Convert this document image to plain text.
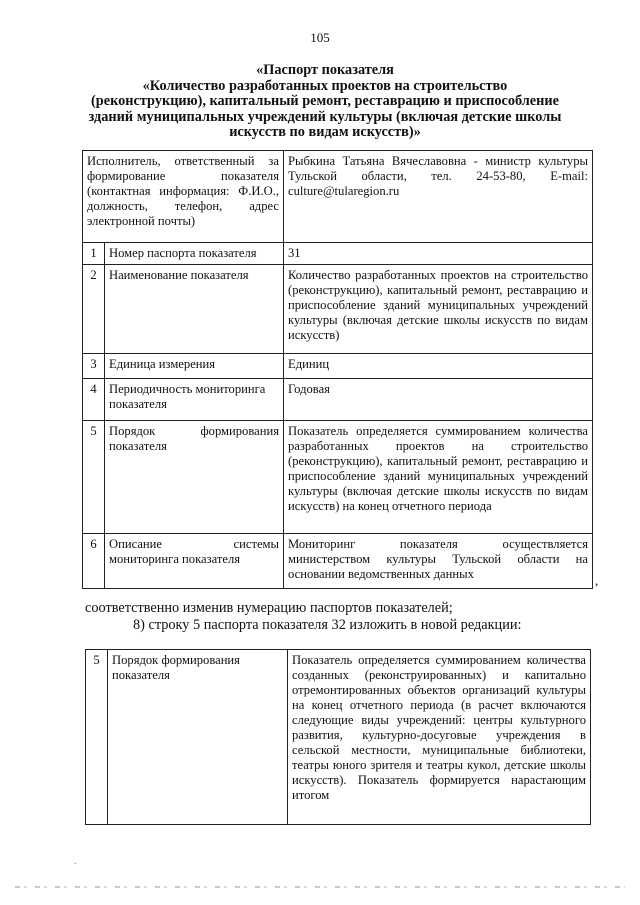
105
«Паспорт показателя
«Количество разработанных проектов на строительство
(реконструкцию), капитальный ремонт, реставрацию и приспособление
зданий муниципальных учреждений культуры (включая детские школы
искусств по видам искусств)»
Исполнитель, ответственный за формирование показателя (контактная информация: Ф.И.О., должность, телефон, адрес электронной почты)		Рыбкина Татьяна Вячеславовна - министр культуры Тульской области, тел. 24-53-80, E-mail: culture@tularegion.ru
1	Номер паспорта показателя	31
2	Наименование показателя	Количество разработанных проектов на строительство (реконструкцию), капитальный ремонт, реставрацию и приспособление зданий муниципальных учреждений культуры (включая детские школы искусств по видам искусств)
3	Единица измерения	Единиц
4	Периодичность мониторинга показателя	Годовая
5	Порядок формирования показателя	Показатель определяется суммированием количества разработанных проектов на строительство (реконструкцию), капитальный ремонт, реставрацию и приспособление зданий муниципальных учреждений культуры (включая детские школы искусств по видам искусств) на конец отчетного периода
6	Описание системы мониторинга показателя	Мониторинг показателя осуществляется министерством культуры Тульской области на основании ведомственных данных	,
соответственно изменив нумерацию паспортов показателей;
8) строку 5 паспорта показателя 32 изложить в новой редакции:
5	Порядок формирования показателя	Показатель определяется суммированием количества созданных (реконструированных) и капитально отремонтированных объектов организаций культуры на конец отчетного периода (в расчет включаются следующие виды учреждений: центры культурного развития, культурно-досуговые учреждения в сельской местности, муниципальные библиотеки, театры юного зрителя и театры кукол, детские школы искусств). Показатель формируется нарастающим итогом
.
